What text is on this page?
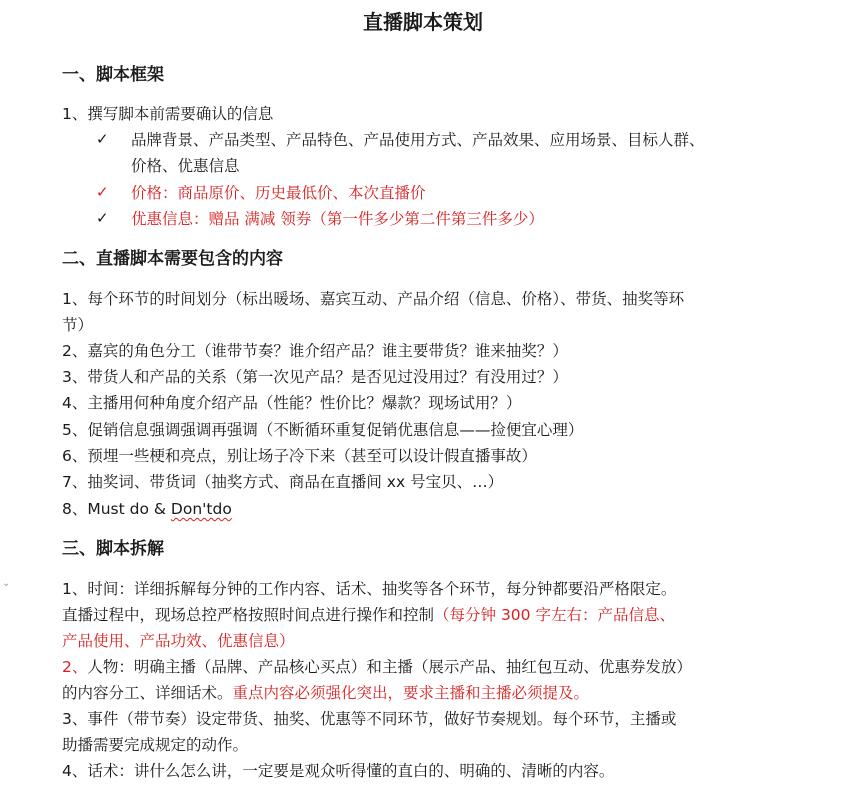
直播脚本策划
一、脚本框架
1、撰写脚本前需要确认的信息
✓ 品牌背景、产品类型、产品特色、产品使用方式、产品效果、应用场景、目标人群、
价格、优惠信息
✓ 价格：商品原价、历史最低价、本次直播价
✓ 优惠信息：赠品 满减 领券（第一件多少第二件第三件多少）
二、直播脚本需要包含的内容
1、每个环节的时间划分（标出暖场、嘉宾互动、产品介绍（信息、价格）、带货、抽奖等环
节）
2、嘉宾的角色分工（谁带节奏？谁介绍产品？谁主要带货？谁来抽奖？）
3、带货人和产品的关系（第一次见产品？是否见过没用过？有没用过？）
4、主播用何种角度介绍产品（性能？性价比？爆款？现场试用？）
5、促销信息强调强调再强调（不断循环重复促销优惠信息——捡便宜心理）
6、预埋一些梗和亮点，别让场子冷下来（甚至可以设计假直播事故）
7、抽奖词、带货词（抽奖方式、商品在直播间 xx 号宝贝、…）
8、Must do & Don'tdo
三、脚本拆解
1、时间：详细拆解每分钟的工作内容、话术、抽奖等各个环节，每分钟都要沿严格限定。
直播过程中，现场总控严格按照时间点进行操作和控制（每分钟 300 字左右：产品信息、
产品使用、产品功效、优惠信息）
2、人物：明确主播（品牌、产品核心买点）和主播（展示产品、抽红包互动、优惠券发放）
的内容分工、详细话术。重点内容必须强化突出，要求主播和主播必须提及。
3、事件（带节奏）设定带货、抽奖、优惠等不同环节，做好节奏规划。每个环节，主播或
助播需要完成规定的动作。
4、话术：讲什么怎么讲，一定要是观众听得懂的直白的、明确的、清晰的内容。
⌄
